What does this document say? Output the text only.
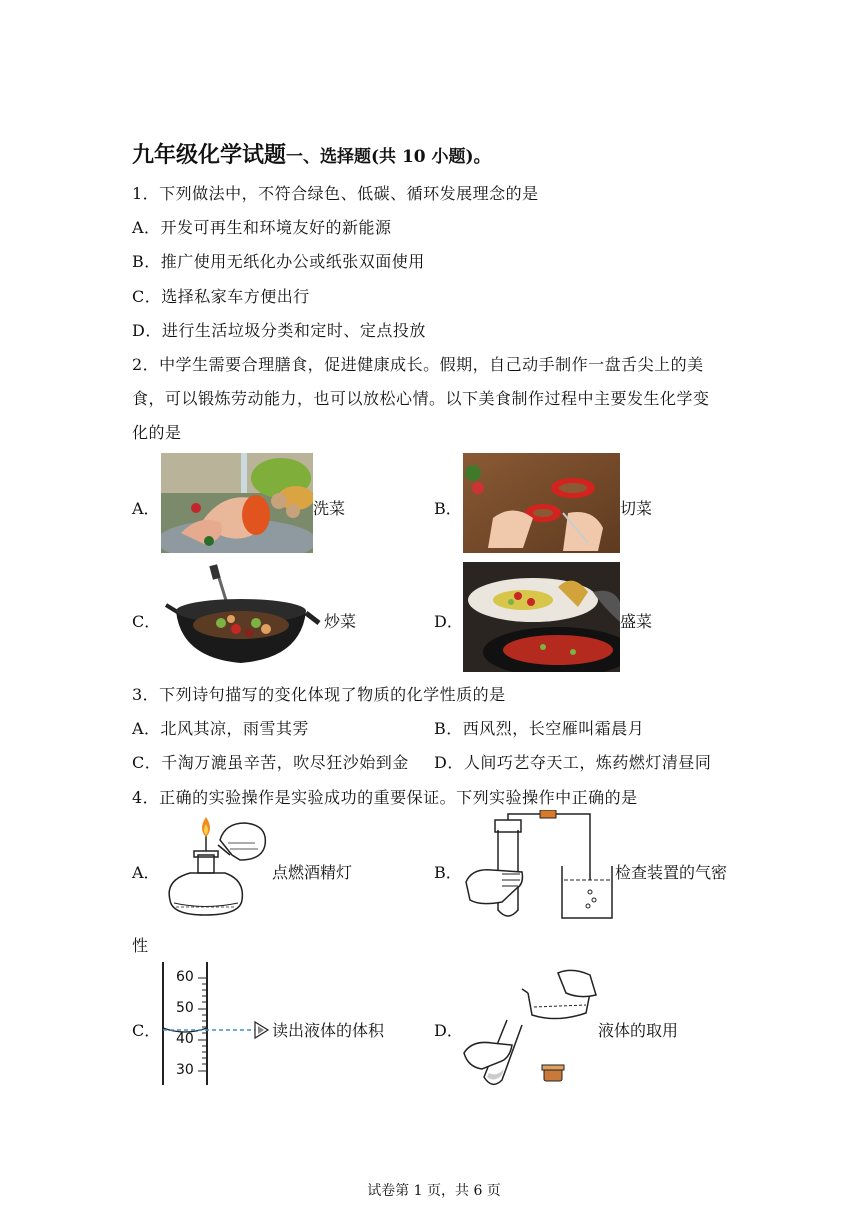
九年级化学试题一、选择题(共 10 小题)。
1．下列做法中，不符合绿色、低碳、循环发展理念的是
A．开发可再生和环境友好的新能源
B．推广使用无纸化办公或纸张双面使用
C．选择私家车方便出行
D．进行生活垃圾分类和定时、定点投放
2．中学生需要合理膳食，促进健康成长。假期，自己动手制作一盘舌尖上的美
食，可以锻炼劳动能力，也可以放松心情。以下美食制作过程中主要发生化学变
化的是
A．	洗菜	B．	切菜
C．	炒菜	D．	盛菜
3．下列诗句描写的变化体现了物质的化学性质的是
A．北风其凉，雨雪其雱	B．西风烈，长空雁叫霜晨月
C．千淘万漉虽辛苦，吹尽狂沙始到金 D．人间巧艺夺天工，炼药燃灯清昼同
4．正确的实验操作是实验成功的重要保证。下列实验操作中正确的是
A．	点燃酒精灯	B．	检查装置的气密
性
C．
60
50
40
30
读出液体的体积	D．	液体的取用
试卷第 1 页，共 6 页
